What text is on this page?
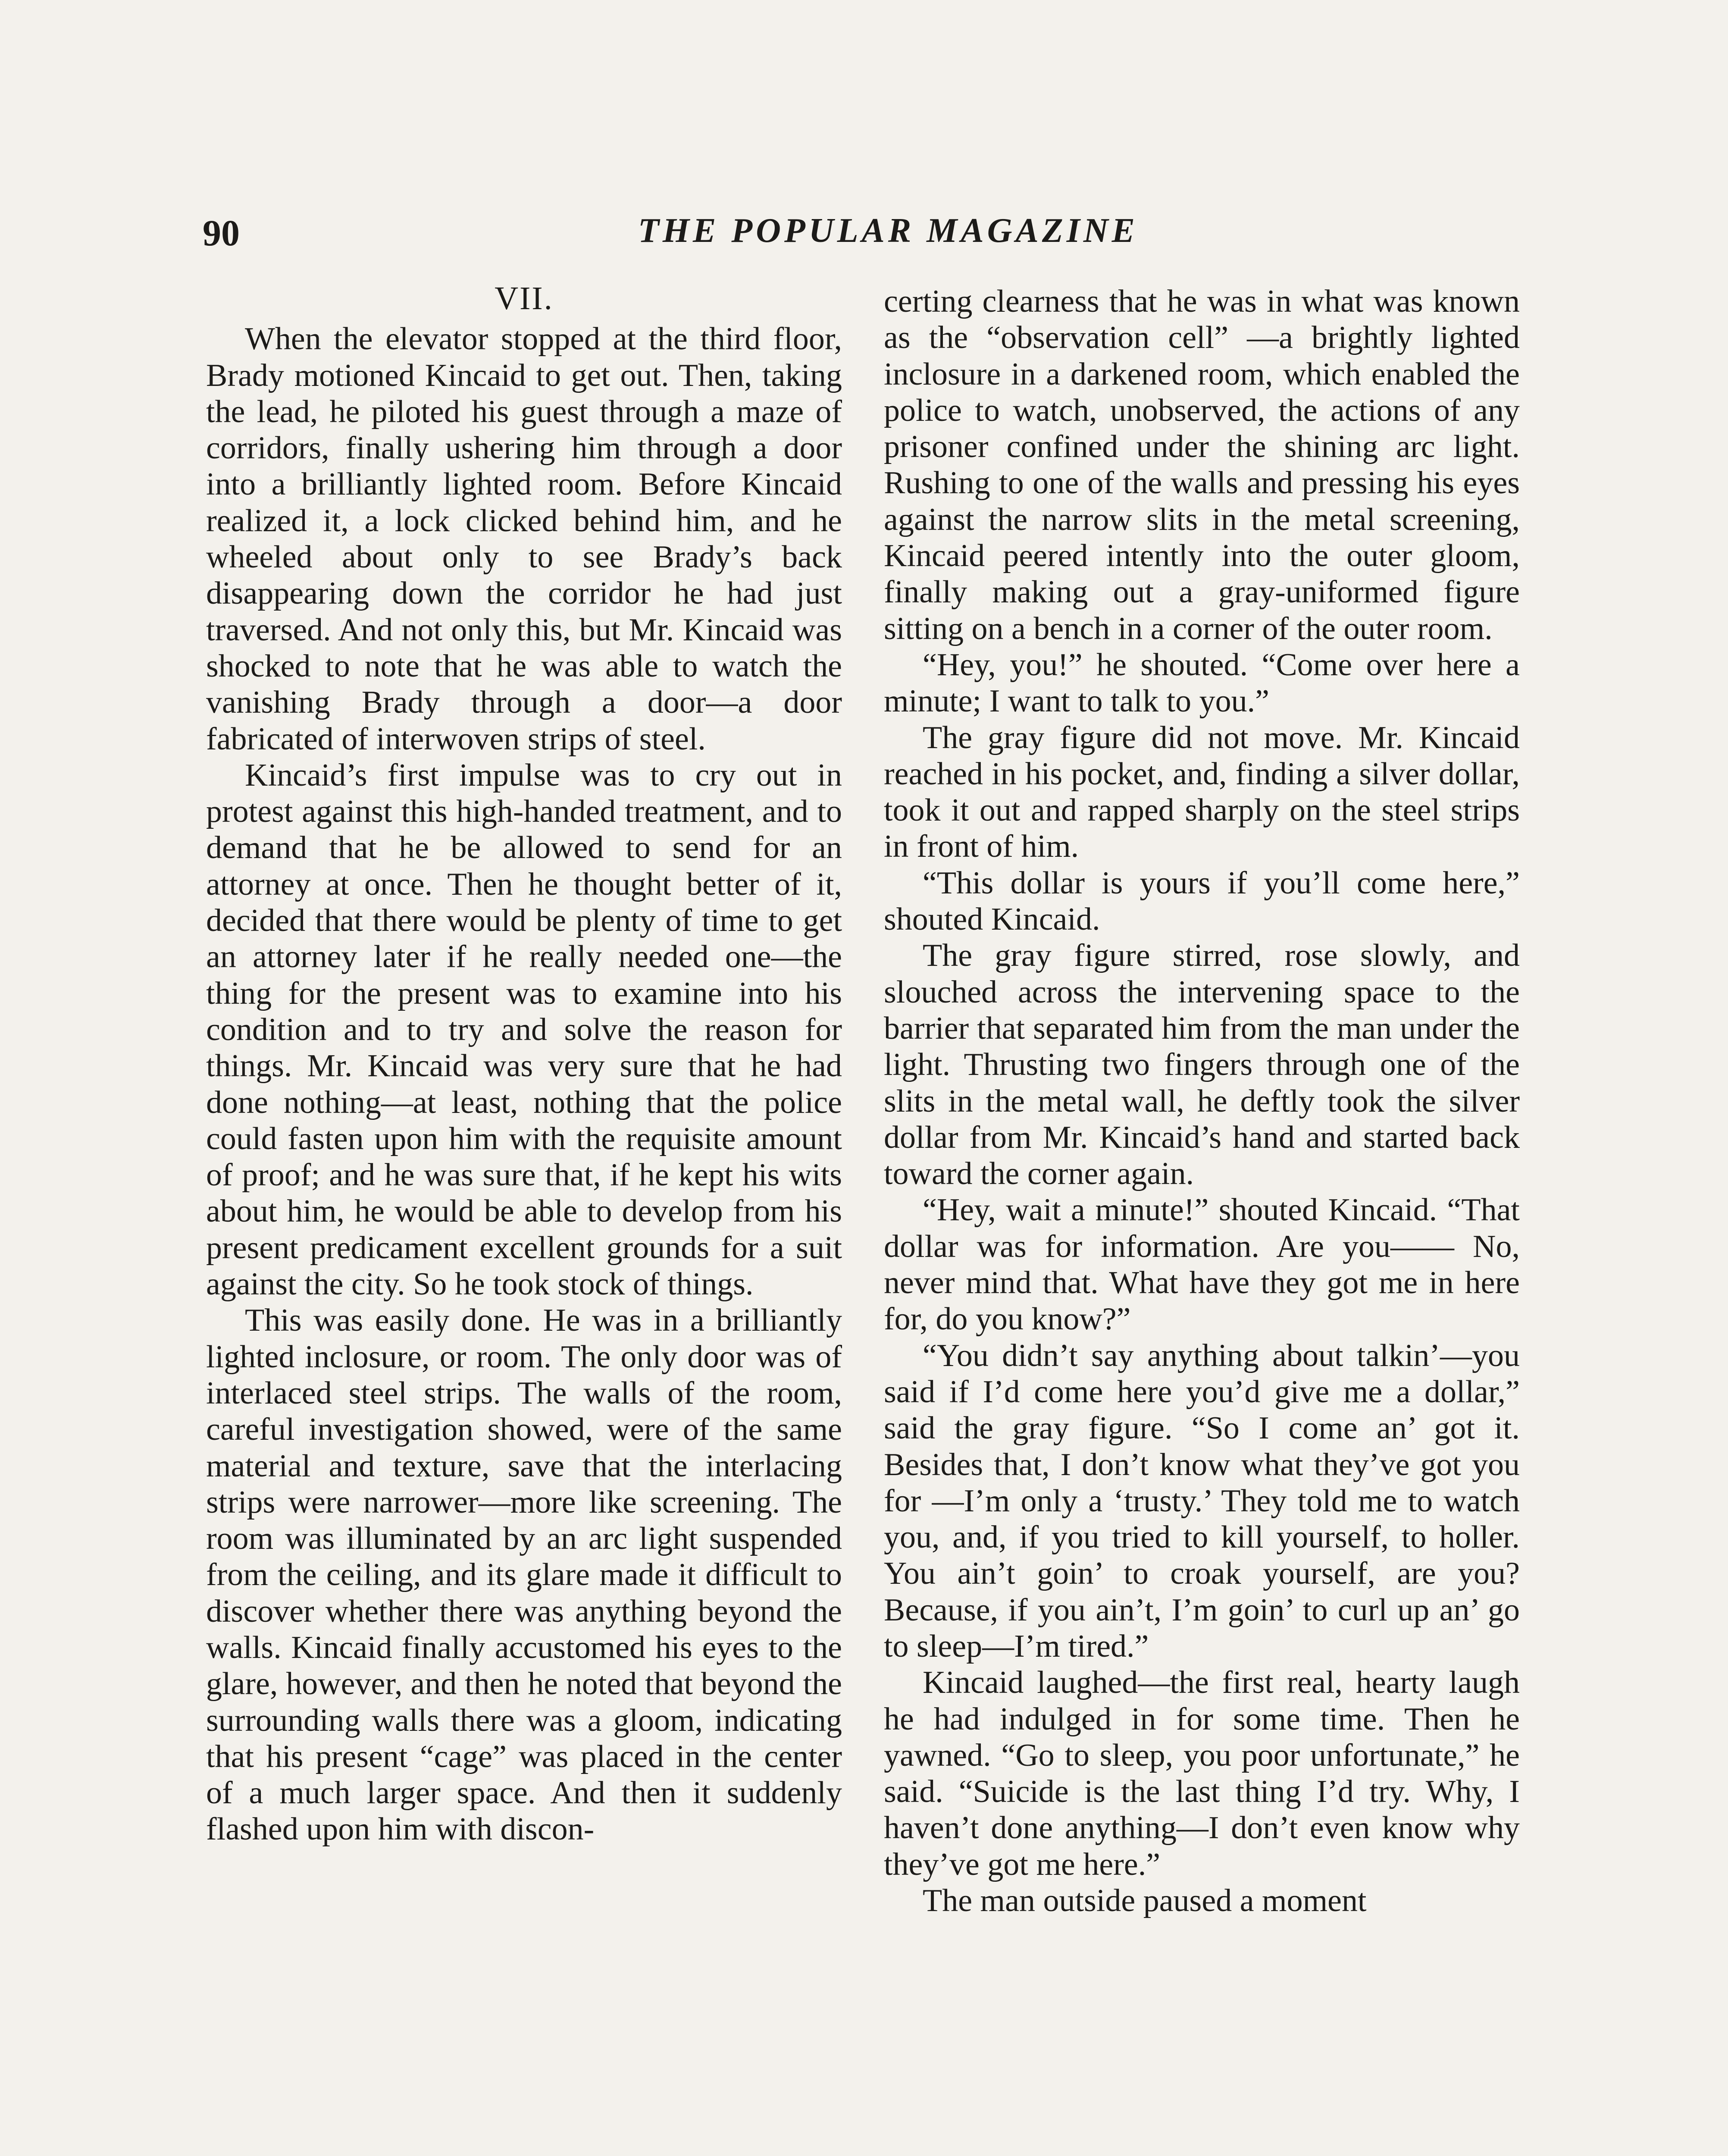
90	THE POPULAR MAGAZINE
VII.

When the elevator stopped at the third floor, Brady motioned Kincaid to get out. Then, taking the lead, he piloted his guest through a maze of corridors, finally ushering him through a door into a brilliantly lighted room. Before Kincaid realized it, a lock clicked behind him, and he wheeled about only to see Brady’s back disappearing down the corridor he had just traversed. And not only this, but Mr. Kincaid was shocked to note that he was able to watch the vanishing Brady through a door—a door fabricated of interwoven strips of steel.

Kincaid’s first impulse was to cry out in protest against this high-handed treatment, and to demand that he be allowed to send for an attorney at once. Then he thought better of it, decided that there would be plenty of time to get an attorney later if he really needed one—the thing for the present was to examine into his condition and to try and solve the reason for things. Mr. Kincaid was very sure that he had done nothing—at least, nothing that the police could fasten upon him with the requisite amount of proof; and he was sure that, if he kept his wits about him, he would be able to develop from his present predicament excellent grounds for a suit against the city. So he took stock of things.

This was easily done. He was in a brilliantly lighted inclosure, or room. The only door was of interlaced steel strips. The walls of the room, careful investigation showed, were of the same material and texture, save that the interlacing strips were narrower—more like screening. The room was illuminated by an arc light suspended from the ceiling, and its glare made it difficult to discover whether there was anything beyond the walls. Kincaid finally accustomed his eyes to the glare, however, and then he noted that beyond the surrounding walls there was a gloom, indicating that his present “cage” was placed in the center of a much larger space. And then it suddenly flashed upon him with discon-

certing clearness that he was in what was known as the “observation cell” —a brightly lighted inclosure in a darkened room, which enabled the police to watch, unobserved, the actions of any prisoner confined under the shining arc light. Rushing to one of the walls and pressing his eyes against the narrow slits in the metal screening, Kincaid peered intently into the outer gloom, finally making out a gray-uniformed figure sitting on a bench in a corner of the outer room.

“Hey, you!” he shouted. “Come over here a minute; I want to talk to you.”

The gray figure did not move. Mr. Kincaid reached in his pocket, and, finding a silver dollar, took it out and rapped sharply on the steel strips in front of him.

“This dollar is yours if you’ll come here,” shouted Kincaid.

The gray figure stirred, rose slowly, and slouched across the intervening space to the barrier that separated him from the man under the light. Thrusting two fingers through one of the slits in the metal wall, he deftly took the silver dollar from Mr. Kincaid’s hand and started back toward the corner again.

“Hey, wait a minute!” shouted Kincaid. “That dollar was for information. Are you—— No, never mind that. What have they got me in here for, do you know?”

“You didn’t say anything about talkin’—you said if I’d come here you’d give me a dollar,” said the gray figure. “So I come an’ got it. Besides that, I don’t know what they’ve got you for —I’m only a ‘trusty.’ They told me to watch you, and, if you tried to kill yourself, to holler. You ain’t goin’ to croak yourself, are you? Because, if you ain’t, I’m goin’ to curl up an’ go to sleep—I’m tired.”

Kincaid laughed—the first real, hearty laugh he had indulged in for some time. Then he yawned. “Go to sleep, you poor unfortunate,” he said. “Suicide is the last thing I’d try. Why, I haven’t done anything—I don’t even know why they’ve got me here.”

The man outside paused a moment
